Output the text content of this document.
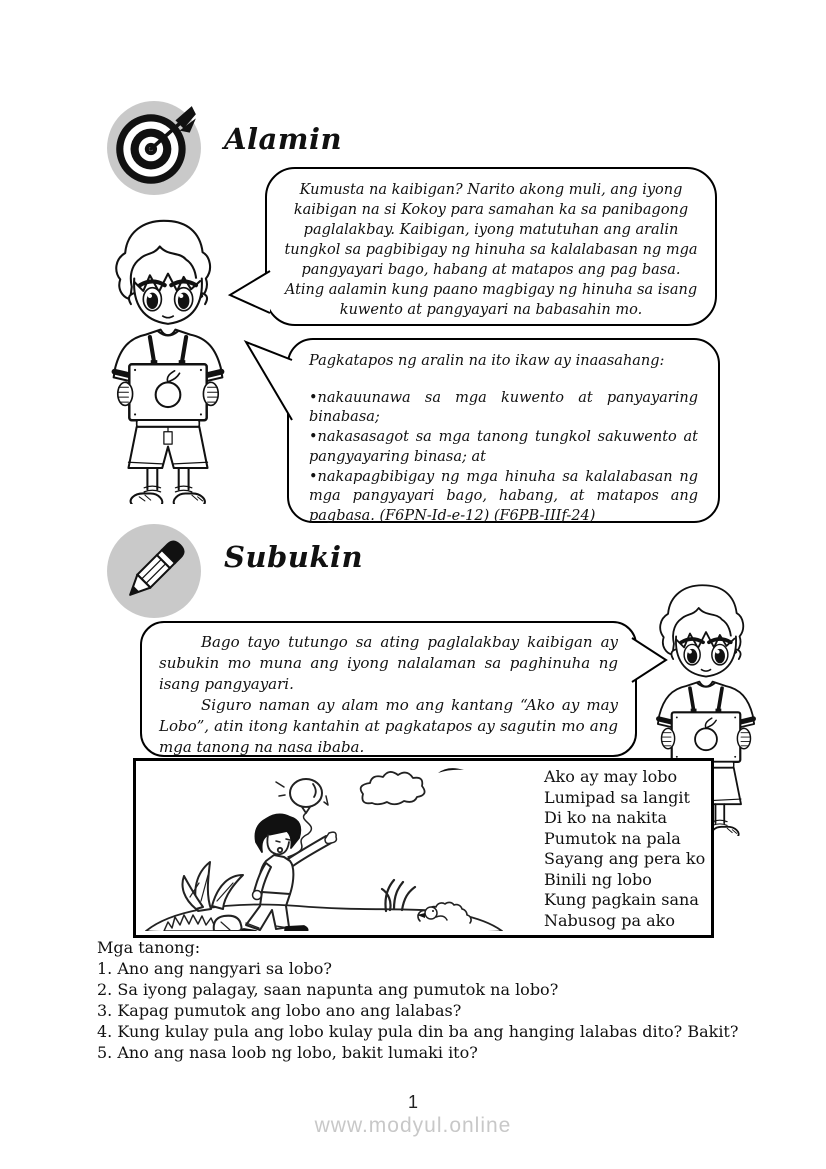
Alamin
Kumusta na kaibigan? Narito akong muli, ang iyong kaibigan na si Kokoy para samahan ka sa panibagong paglalakbay. Kaibigan, iyong matutuhan ang aralin tungkol sa pagbibigay ng hinuha sa kalalabasan ng mga pangyayari bago, habang at matapos ang pag basa. Ating aalamin kung paano magbigay ng hinuha sa isang kuwento at pangyayari na babasahin mo.
Pagkatapos ng aralin na ito ikaw ay inaasahang:
•nakauunawa sa mga kuwento at panyayaring binabasa;
•nakasasagot sa mga tanong tungkol sakuwento at pangyayaring binasa; at
•nakapagbibigay ng mga hinuha sa kalalabasan ng mga pangyayari bago, habang, at matapos ang pagbasa. (F6PN-Id-e-12) (F6PB-IIIf-24)
Subukin

Bago tayo tutungo sa ating paglalakbay kaibigan ay subukin mo muna ang iyong nalalaman sa paghinuha ng isang pangyayari.

Siguro naman ay alam mo ang kantang “Ako ay may Lobo”, atin itong kantahin at pagkatapos ay sagutin mo ang mga tanong na nasa ibaba.

Ako ay may lobo
Lumipad sa langit
Di ko na nakita
Pumutok na pala
Sayang ang pera ko
Binili ng lobo
Kung pagkain sana
Nabusog pa ako
Mga tanong:
1. Ano ang nangyari sa lobo?
2. Sa iyong palagay, saan napunta ang pumutok na lobo?
3. Kapag pumutok ang lobo ano ang lalabas?
4. Kung kulay pula ang lobo kulay pula din ba ang hanging lalabas dito? Bakit?
5. Ano ang nasa loob ng lobo, bakit lumaki ito?
1
www.modyul.online
